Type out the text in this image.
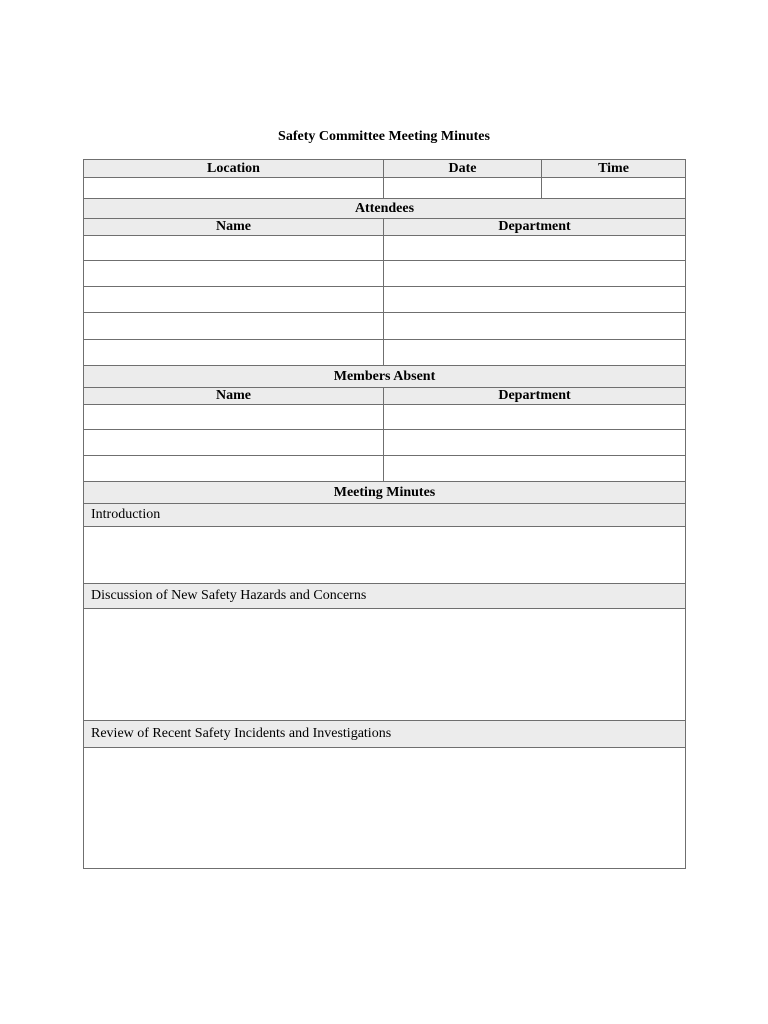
Safety Committee Meeting Minutes
Location	Date	Time

Attendees		
Name	Department	

Members Absent		
Name	Department	

Meeting Minutes		
Introduction		

Discussion of New Safety Hazards and Concerns		

Review of Recent Safety Incidents and Investigations		
